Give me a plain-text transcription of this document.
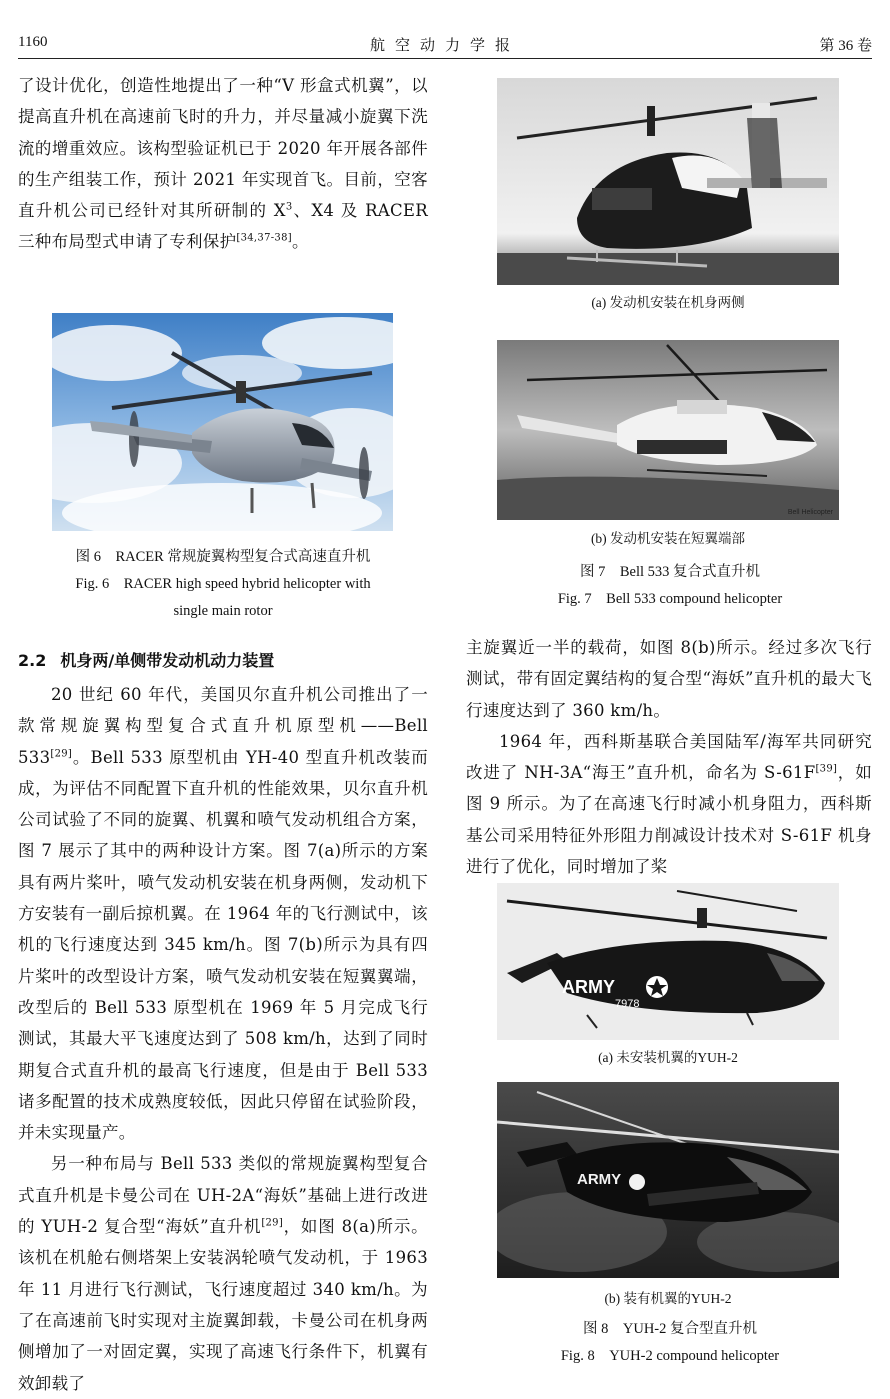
1160	航空动力学报	第 36 卷

了设计优化，创造性地提出了一种“V 形盒式机翼”，以提高直升机在高速前飞时的升力，并尽量减小旋翼下洗流的增重效应。该构型验证机已于 2020 年开展各部件的生产组装工作，预计 2021 年实现首飞。目前，空客直升机公司已经针对其所研制的 $X^3$、X4 及 RACER 三种布局型式申请了专利保护[34,37-38]。

图 6　RACER 常规旋翼构型复合式高速直升机
Fig. 6　RACER high speed hybrid helicopter with
single main rotor
2.2 机身两/单侧带发动机动力装置

20 世纪 60 年代，美国贝尔直升机公司推出了一款常规旋翼构型复合式直升机原型机——Bell 533[29]。Bell 533 原型机由 YH-40 型直升机改装而成，为评估不同配置下直升机的性能效果，贝尔直升机公司试验了不同的旋翼、机翼和喷气发动机组合方案，图 7 展示了其中的两种设计方案。图 7(a)所示的方案具有两片桨叶，喷气发动机安装在机身两侧，发动机下方安装有一副后掠机翼。在 1964 年的飞行测试中，该机的飞行速度达到 345 km/h。图 7(b)所示为具有四片桨叶的改型设计方案，喷气发动机安装在短翼翼端，改型后的 Bell 533 原型机在 1969 年 5 月完成飞行测试，其最大平飞速度达到了 508 km/h，达到了同时期复合式直升机的最高飞行速度，但是由于 Bell 533 诸多配置的技术成熟度较低，因此只停留在试验阶段，并未实现量产。

另一种布局与 Bell 533 类似的常规旋翼构型复合式直升机是卡曼公司在 UH-2A“海妖”基础上进行改进的 YUH-2 复合型“海妖”直升机[29]，如图 8(a)所示。该机在机舱右侧塔架上安装涡轮喷气发动机，于 1963 年 11 月进行飞行测试，飞行速度超过 340 km/h。为了在高速前飞时实现对主旋翼卸载，卡曼公司在机身两侧增加了一对固定翼，实现了高速飞行条件下，机翼有效卸载了

(a) 发动机安装在机身两侧
Bell Helicopter
(b) 发动机安装在短翼端部
图 7　Bell 533 复合式直升机
Fig. 7　Bell 533 compound helicopter

主旋翼近一半的载荷，如图 8(b)所示。经过多次飞行测试，带有固定翼结构的复合型“海妖”直升机的最大飞行速度达到了 360 km/h。

1964 年，西科斯基联合美国陆军/海军共同研究改进了 NH-3A“海王”直升机，命名为 S-61F[39]，如图 9 所示。为了在高速飞行时减小机身阻力，西科斯基公司采用特征外形阻力削减设计技术对 S-61F 机身进行了优化，同时增加了桨

ARMY
7978
(a) 未安装机翼的YUH-2
ARMY
(b) 装有机翼的YUH-2
图 8　YUH-2 复合型直升机
Fig. 8　YUH-2 compound helicopter
